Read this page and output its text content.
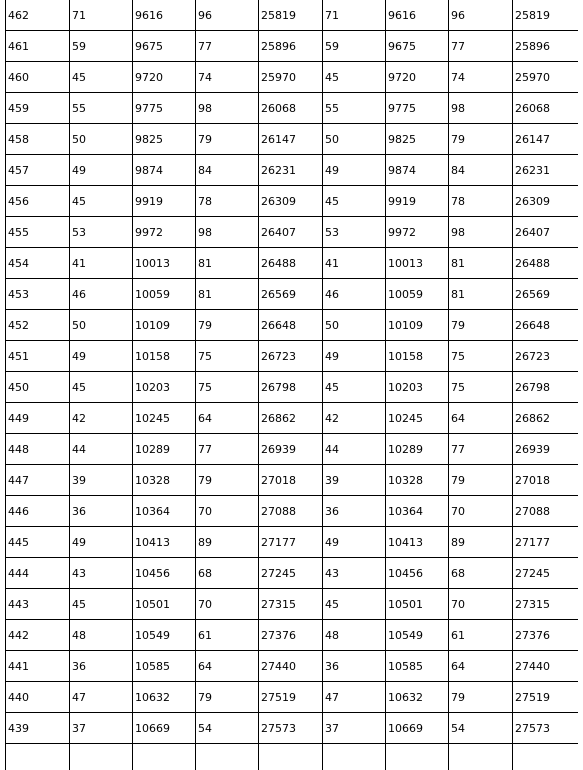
462	71	9616	96	25819	71	9616	96	25819
461	59	9675	77	25896	59	9675	77	25896
460	45	9720	74	25970	45	9720	74	25970
459	55	9775	98	26068	55	9775	98	26068
458	50	9825	79	26147	50	9825	79	26147
457	49	9874	84	26231	49	9874	84	26231
456	45	9919	78	26309	45	9919	78	26309
455	53	9972	98	26407	53	9972	98	26407
454	41	10013	81	26488	41	10013	81	26488
453	46	10059	81	26569	46	10059	81	26569
452	50	10109	79	26648	50	10109	79	26648
451	49	10158	75	26723	49	10158	75	26723
450	45	10203	75	26798	45	10203	75	26798
449	42	10245	64	26862	42	10245	64	26862
448	44	10289	77	26939	44	10289	77	26939
447	39	10328	79	27018	39	10328	79	27018
446	36	10364	70	27088	36	10364	70	27088
445	49	10413	89	27177	49	10413	89	27177
444	43	10456	68	27245	43	10456	68	27245
443	45	10501	70	27315	45	10501	70	27315
442	48	10549	61	27376	48	10549	61	27376
441	36	10585	64	27440	36	10585	64	27440
440	47	10632	79	27519	47	10632	79	27519
439	37	10669	54	27573	37	10669	54	27573
